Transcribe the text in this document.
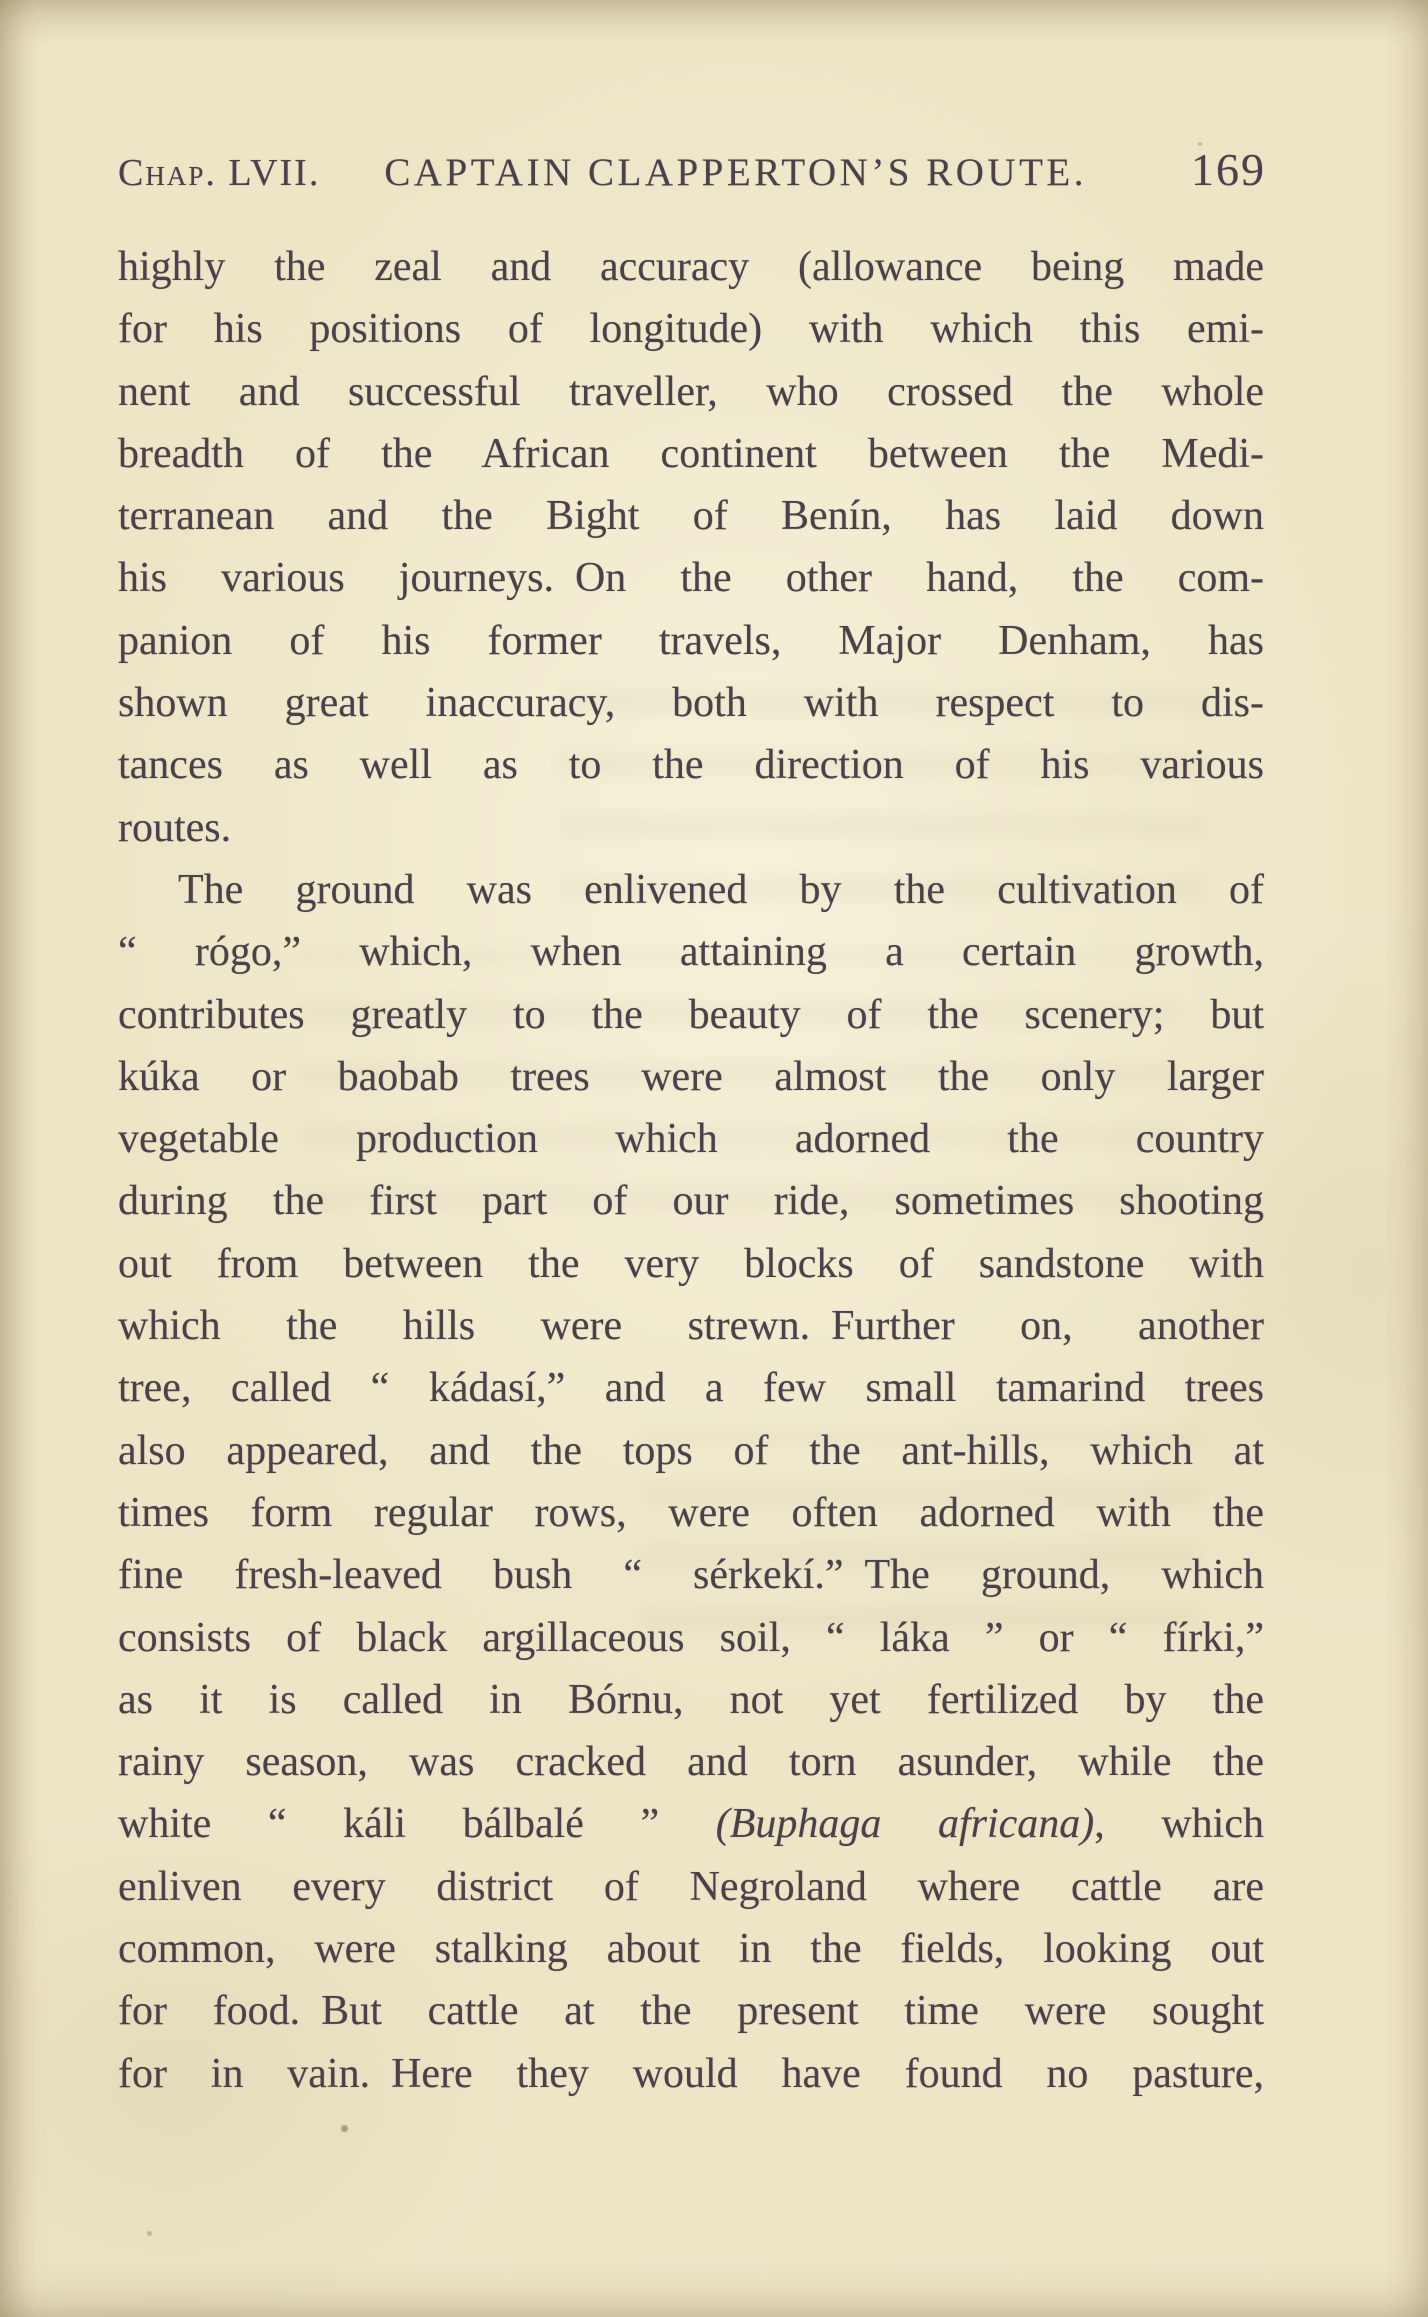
Chap. LVII. CAPTAIN CLAPPERTON’S ROUTE. 169
highly the zeal and accuracy (allowance being made
for his positions of longitude) with which this emi-
nent and successful traveller, who crossed the whole
breadth of the African continent between the Medi-
terranean and the Bight of Benín, has laid down
his various journeys. On the other hand, the com-
panion of his former travels, Major Denham, has
shown great inaccuracy, both with respect to dis-
tances as well as to the direction of his various
routes.
The ground was enlivened by the cultivation of
“ rógo,” which, when attaining a certain growth,
contributes greatly to the beauty of the scenery; but
kúka or baobab trees were almost the only larger
vegetable production which adorned the country
during the first part of our ride, sometimes shooting
out from between the very blocks of sandstone with
which the hills were strewn. Further on, another
tree, called “ kádasí,” and a few small tamarind trees
also appeared, and the tops of the ant-hills, which at
times form regular rows, were often adorned with the
fine fresh-leaved bush “ sérkekí.” The ground, which
consists of black argillaceous soil, “ láka ” or “ fírki,”
as it is called in Bórnu, not yet fertilized by the
rainy season, was cracked and torn asunder, while the
white “ káli bálbalé ” (Buphaga africana), which
enliven every district of Negroland where cattle are
common, were stalking about in the fields, looking out
for food. But cattle at the present time were sought
for in vain. Here they would have found no pasture,
